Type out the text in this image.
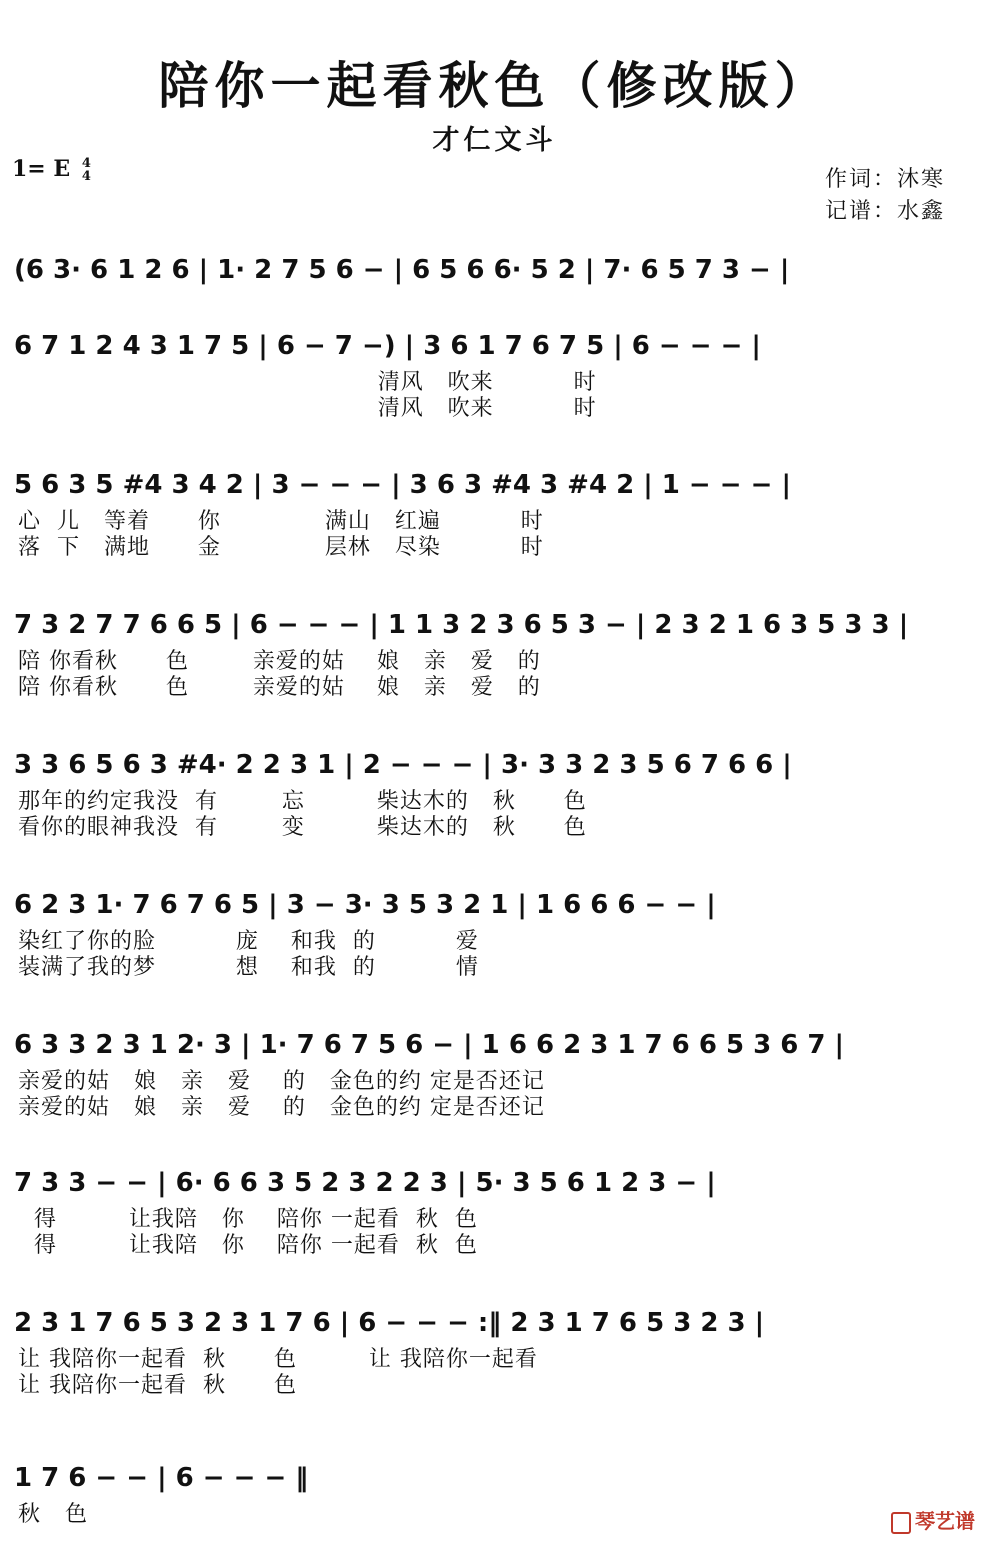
陪你一起看秋色（修改版）
才仁文斗
1= E 4
4	作词：沐寒
记谱：水鑫
(6 3· 6 1 2 6 | 1· 2 7 5 6 − | 6 5 6 6· 5 2 | 7· 6 5 7 3 − |
6 7 1 2 4 3 1 7 5 | 6 − 7 −) | 3 6 1 7 6 7 5 | 6 − − − |
清风   吹来          时
清风   吹来          时
5 6 3 5 #4 3 4 2 | 3 − − − | 3 6 3 #4 3 #4 2 | 1 − − − |
心  儿   等着      你             满山   红遍          时
落  下   满地      金             层林   尽染          时
7 3 2 7 7 6 6 5 | 6 − − − | 1 1 3 2 3 6 5 3 − | 2 3 2 1 6 3 5 3 3 |
陪 你看秋      色        亲爱的姑    娘   亲   爱   的
陪 你看秋      色        亲爱的姑    娘   亲   爱   的
3 3 6 5 6 3 #4· 2 2 3 1 | 2 − − − | 3· 3 3 2 3 5 6 7 6 6 |
那年的约定我没  有        忘         柴达木的   秋      色
看你的眼神我没  有        变         柴达木的   秋      色
6 2 3 1· 7 6 7 6 5 | 3 − 3· 3 5 3 2 1 | 1 6 6 6 − − |
染红了你的脸          庞    和我  的          爱
装满了我的梦          想    和我  的          情
6 3 3 2 3 1 2· 3 | 1· 7 6 7 5 6 − | 1 6 6 2 3 1 7 6 6 5 3 6 7 |
亲爱的姑   娘   亲   爱    的   金色的约 定是否还记
亲爱的姑   娘   亲   爱    的   金色的约 定是否还记
7 3 3 − − | 6· 6 6 3 5 2 3 2 2 3 | 5· 3 5 6 1 2 3 − |
得         让我陪   你    陪你 一起看  秋  色
得         让我陪   你    陪你 一起看  秋  色
2 3 1 7 6 5 3 2 3 1 7 6 | 6 − − − :‖ 2 3 1 7 6 5 3 2 3 |
让 我陪你一起看  秋      色         让 我陪你一起看
让 我陪你一起看  秋      色
1 7 6 − − | 6 − − − ‖
秋   色	琴艺谱
